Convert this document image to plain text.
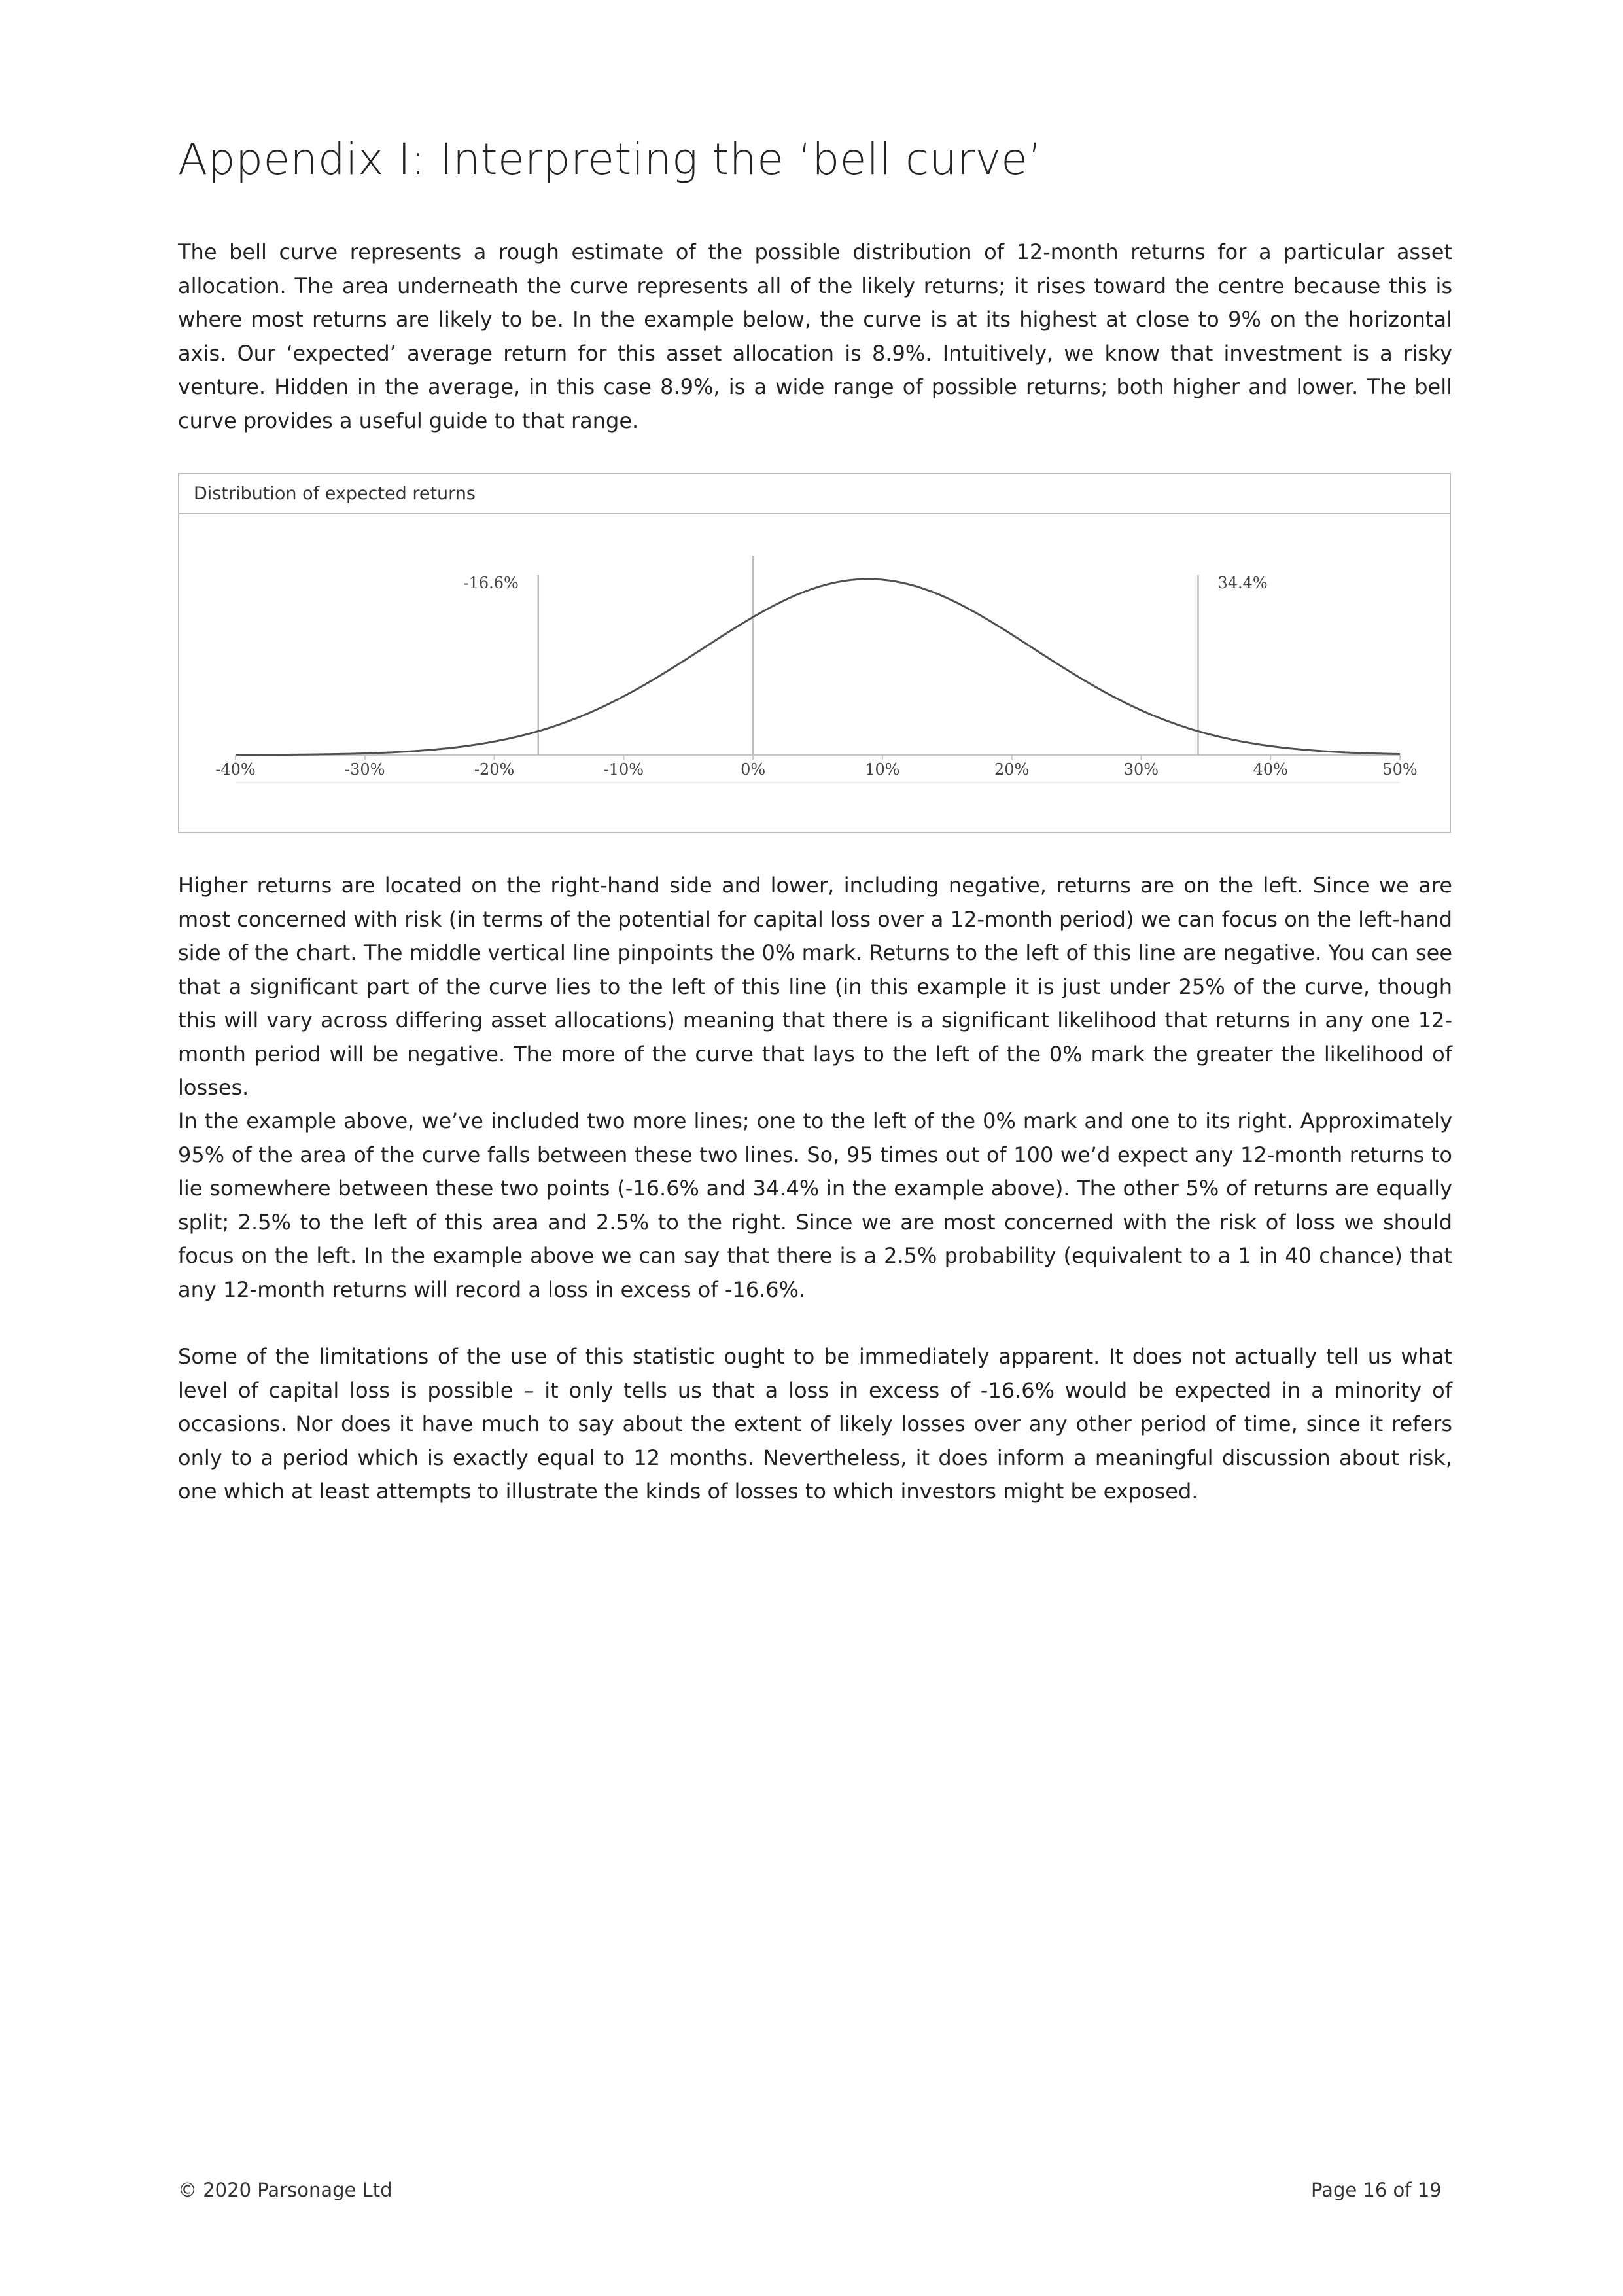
Appendix I: Interpreting the ‘bell curve’

The bell curve represents a rough estimate of the possible distribution of 12-month returns for a particular asset allocation. The area underneath the curve represents all of the likely returns; it rises toward the centre because this is where most returns are likely to be. In the example below, the curve is at its highest at close to 9% on the horizontal axis. Our ‘expected’ average return for this asset allocation is 8.9%. Intuitively, we know that investment is a risky venture. Hidden in the average, in this case 8.9%, is a wide range of possible returns; both higher and lower. The bell curve provides a useful guide to that range.

Distribution of expected returns
-16.6%	34.4%
-40%	-30%	-20%	-10%	0%	10%	20%	30%	40%	50%

Higher returns are located on the right-hand side and lower, including negative, returns are on the left. Since we are most concerned with risk (in terms of the potential for capital loss over a 12-month period) we can focus on the left-hand side of the chart. The middle vertical line pinpoints the 0% mark. Returns to the left of this line are negative. You can see that a significant part of the curve lies to the left of this line (in this example it is just under 25% of the curve, though this will vary across differing asset allocations) meaning that there is a significant likelihood that returns in any one 12-month period will be negative. The more of the curve that lays to the left of the 0% mark the greater the likelihood of losses.

In the example above, we’ve included two more lines; one to the left of the 0% mark and one to its right. Approximately 95% of the area of the curve falls between these two lines. So, 95 times out of 100 we’d expect any 12-month returns to lie somewhere between these two points (-16.6% and 34.4% in the example above). The other 5% of returns are equally split; 2.5% to the left of this area and 2.5% to the right. Since we are most concerned with the risk of loss we should focus on the left. In the example above we can say that there is a 2.5% probability (equivalent to a 1 in 40 chance) that any 12-month returns will record a loss in excess of -16.6%.

Some of the limitations of the use of this statistic ought to be immediately apparent. It does not actually tell us what level of capital loss is possible – it only tells us that a loss in excess of -16.6% would be expected in a minority of occasions. Nor does it have much to say about the extent of likely losses over any other period of time, since it refers only to a period which is exactly equal to 12 months. Nevertheless, it does inform a meaningful discussion about risk, one which at least attempts to illustrate the kinds of losses to which investors might be exposed.

© 2020 Parsonage Ltd	Page 16 of 19
